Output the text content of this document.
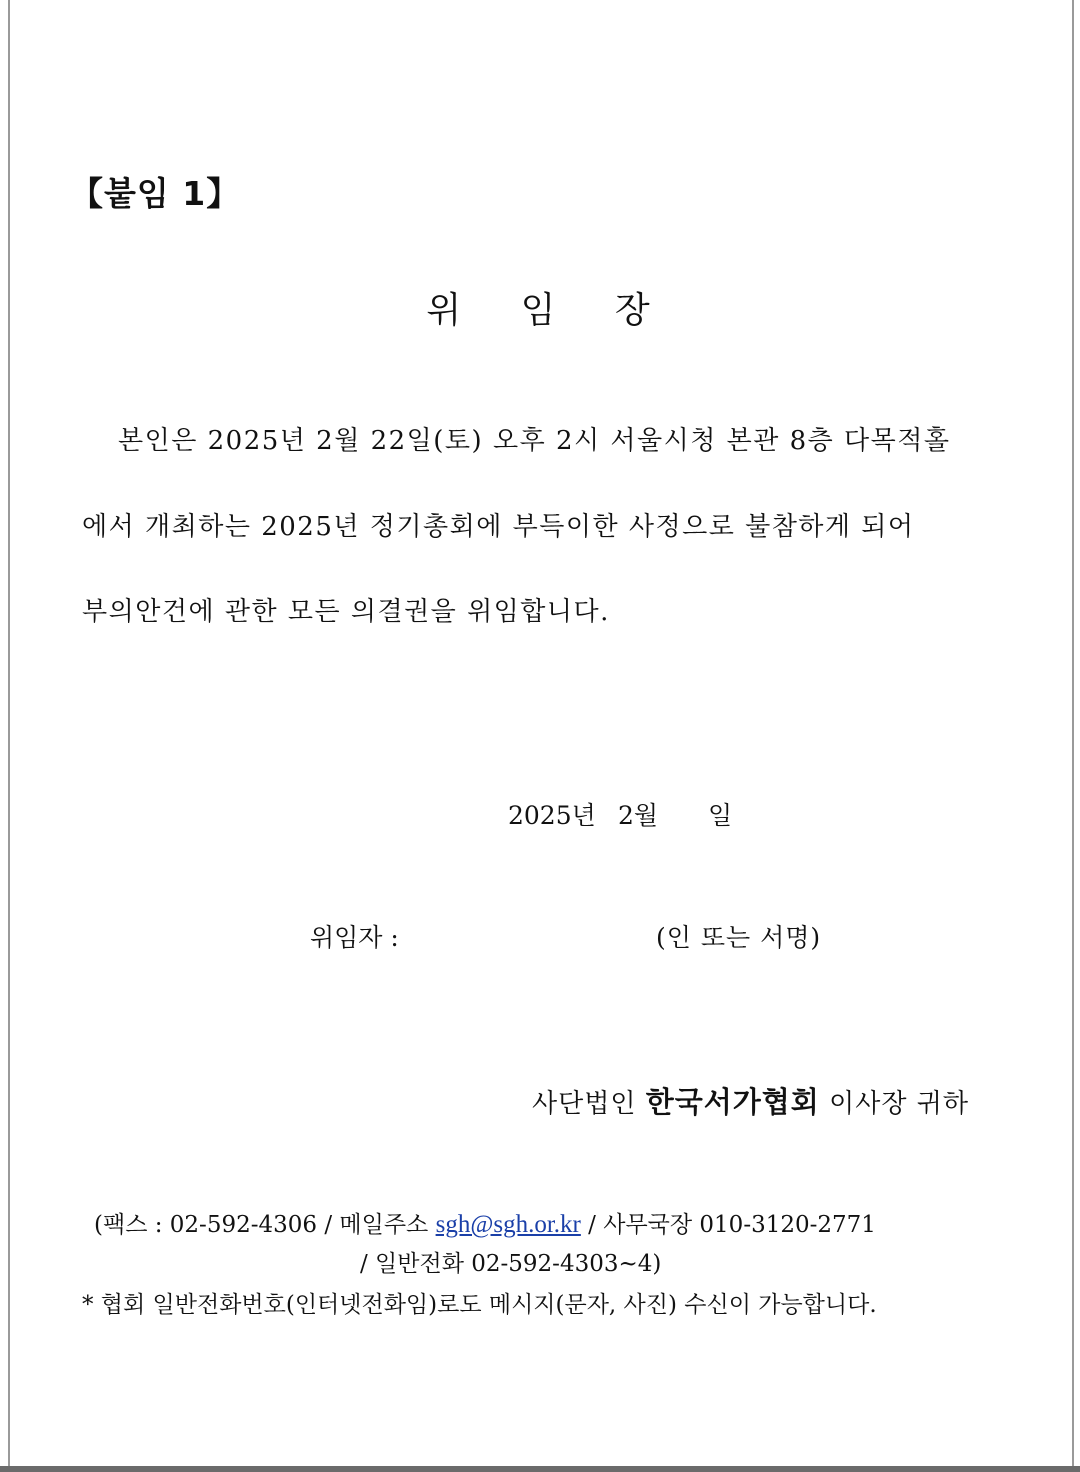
【붙임 1】
위 임 장
본인은 2025년 2월 22일(토) 오후 2시 서울시청 본관 8층 다목적홀
에서 개최하는 2025년 정기총회에 부득이한 사정으로 불참하게 되어
부의안건에 관한 모든 의결권을 위임합니다.
2025년 2월 일
위임자 :	(인 또는 서명)
사단법인 한국서가협회 이사장 귀하
(팩스 : 02-592-4306 / 메일주소 sgh@sgh.or.kr / 사무국장 010-3120-2771
/ 일반전화 02-592-4303~4)
* 협회 일반전화번호(인터넷전화임)로도 메시지(문자, 사진) 수신이 가능합니다.
